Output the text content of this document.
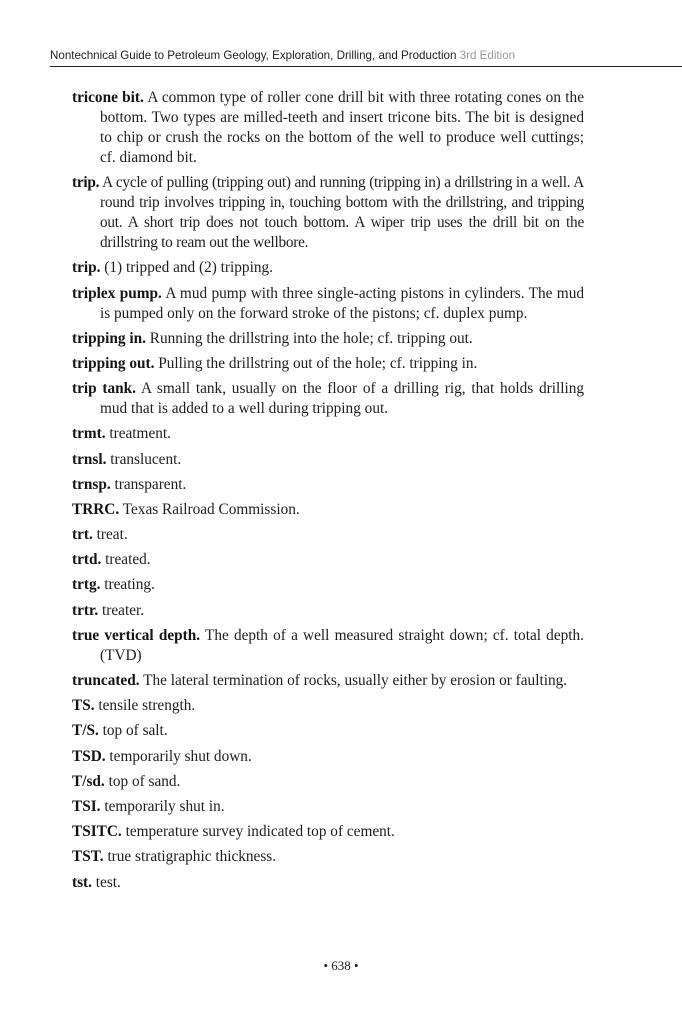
Nontechnical Guide to Petroleum Geology, Exploration, Drilling, and Production 3rd Edition

tricone bit. A common type of roller cone drill bit with three rotating cones on the bottom. Two types are milled-teeth and insert tricone bits. The bit is designed to chip or crush the rocks on the bottom of the well to produce well cuttings; cf. diamond bit.

trip. A cycle of pulling (tripping out) and running (tripping in) a drillstring in a well. A round trip involves tripping in, touching bottom with the drillstring, and tripping out. A short trip does not touch bottom. A wiper trip uses the drill bit on the drillstring to ream out the wellbore.

trip. (1) tripped and (2) tripping.

triplex pump. A mud pump with three single-acting pistons in cylinders. The mud is pumped only on the forward stroke of the pistons; cf. duplex pump.

tripping in. Running the drillstring into the hole; cf. tripping out.

tripping out. Pulling the drillstring out of the hole; cf. tripping in.

trip tank. A small tank, usually on the floor of a drilling rig, that holds drilling mud that is added to a well during tripping out.

trmt. treatment.

trnsl. translucent.

trnsp. transparent.

TRRC. Texas Railroad Commission.

trt. treat.

trtd. treated.

trtg. treating.

trtr. treater.

true vertical depth. The depth of a well measured straight down; cf. total depth. (TVD)

truncated. The lateral termination of rocks, usually either by erosion or faulting.

TS. tensile strength.

T/S. top of salt.

TSD. temporarily shut down.

T/sd. top of sand.

TSI. temporarily shut in.

TSITC. temperature survey indicated top of cement.

TST. true stratigraphic thickness.

tst. test.

• 638 •
